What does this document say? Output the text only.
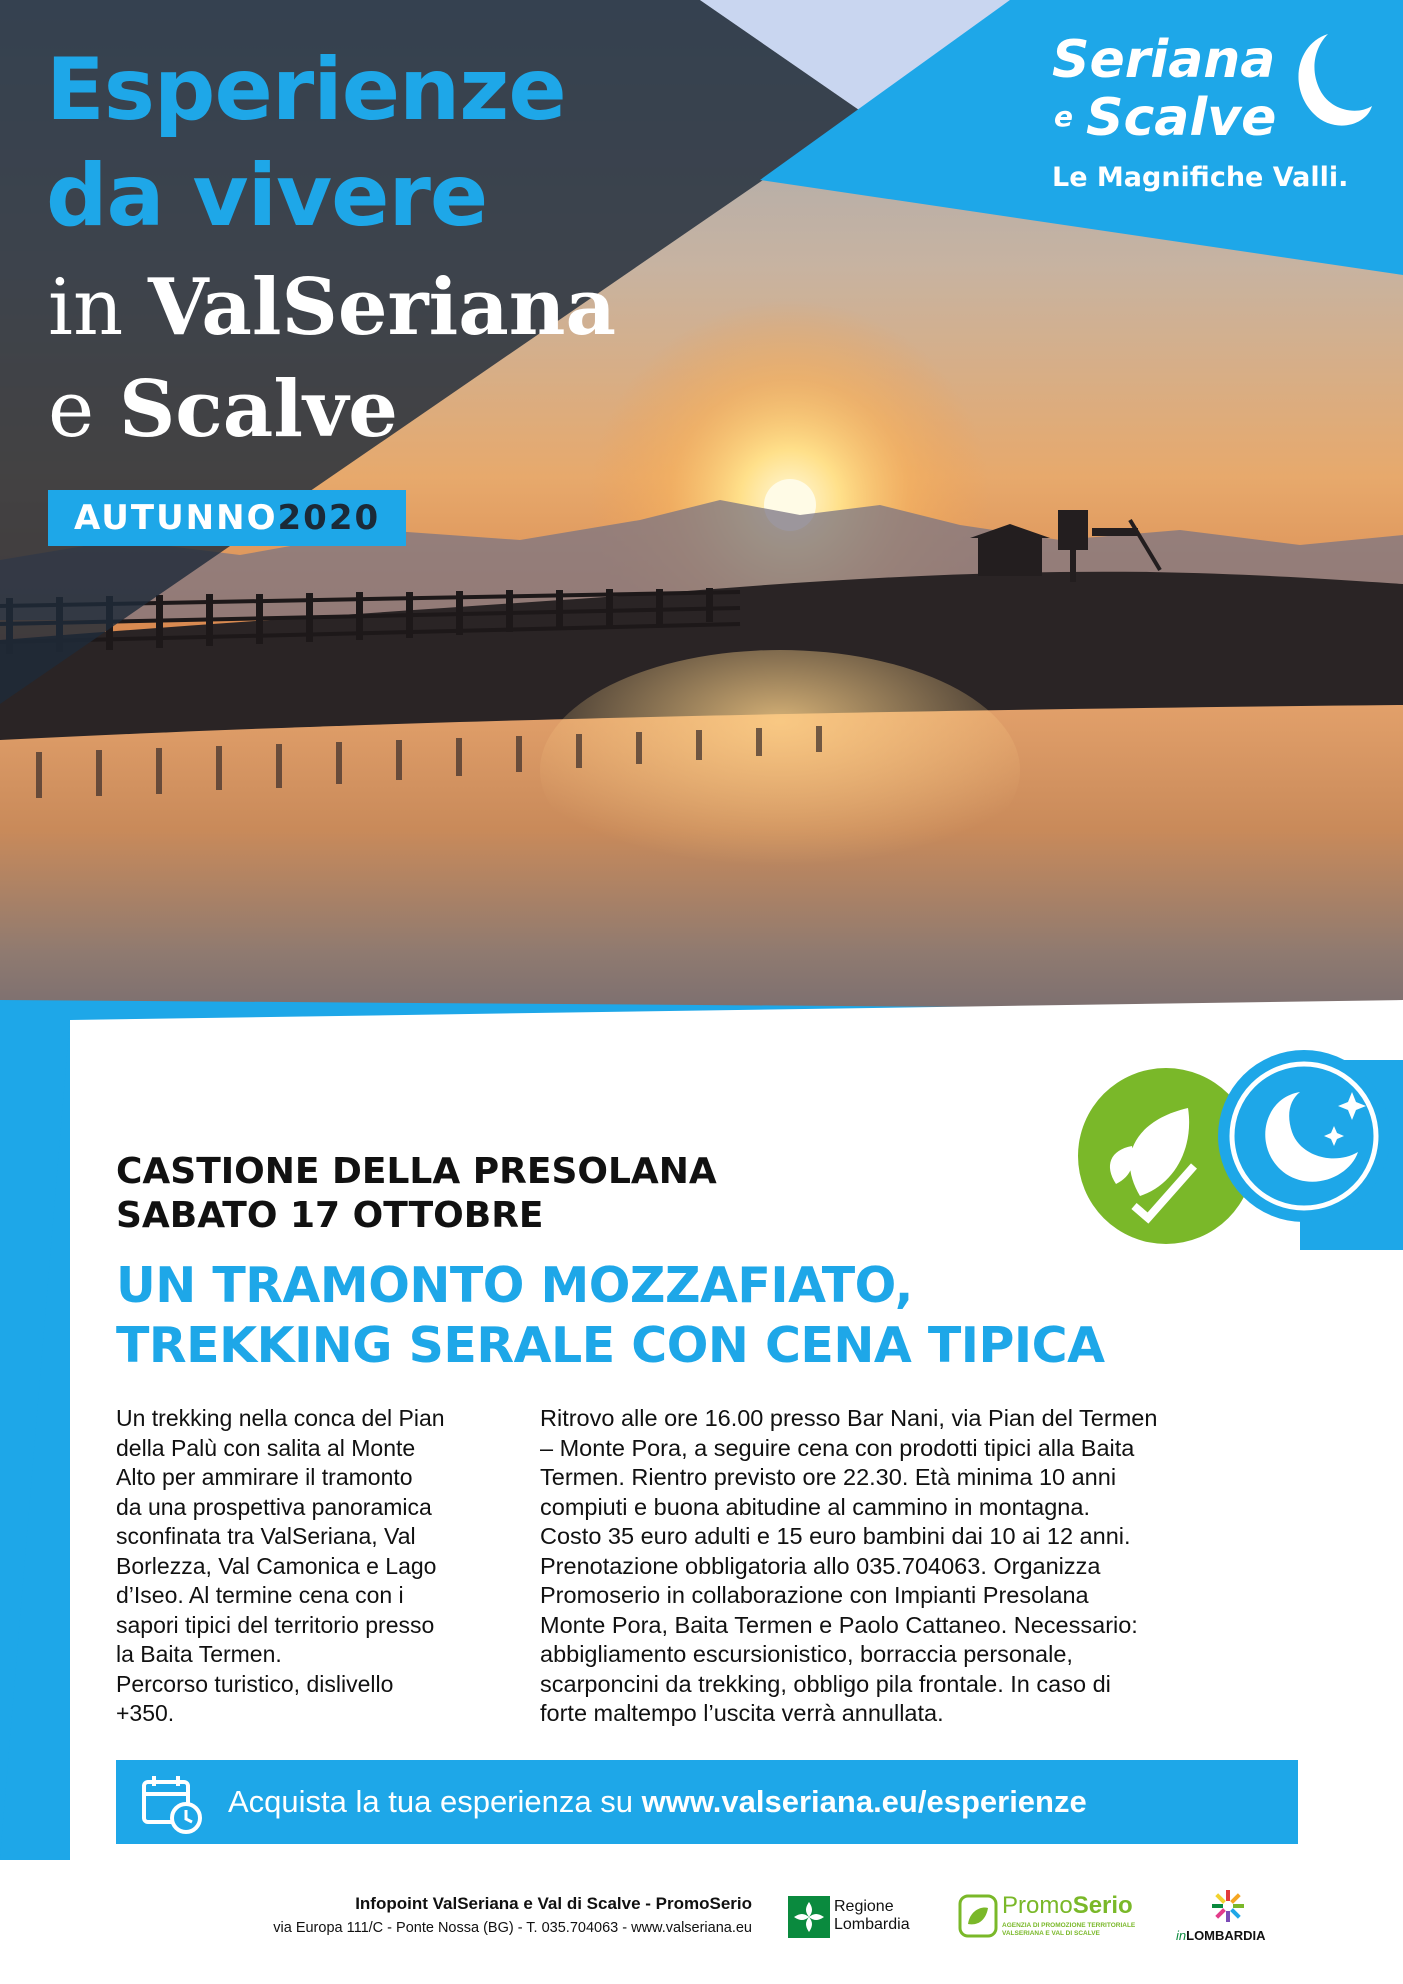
Esperienze
da vivere
in ValSeriana
e Scalve
AUTUNNO 2020
Seriana
e Scalve
Le Magnifiche Valli.
CASTIONE DELLA PRESOLANA
SABATO 17 OTTOBRE
UN TRAMONTO MOZZAFIATO,
TREKKING SERALE CON CENA TIPICA
Un trekking nella conca del Pian
della Palù con salita al Monte
Alto per ammirare il tramonto
da una prospettiva panoramica
sconfinata tra ValSeriana, Val
Borlezza, Val Camonica e Lago
d’Iseo. Al termine cena con i
sapori tipici del territorio presso
la Baita Termen.
Percorso turistico, dislivello
+350.
Ritrovo alle ore 16.00 presso Bar Nani, via Pian del Termen
– Monte Pora, a seguire cena con prodotti tipici alla Baita
Termen. Rientro previsto ore 22.30. Età minima 10 anni
compiuti e buona abitudine al cammino in montagna.
Costo 35 euro adulti e 15 euro bambini dai 10 ai 12 anni.
Prenotazione obbligatoria allo 035.704063. Organizza
Promoserio in collaborazione con Impianti Presolana
Monte Pora, Baita Termen e Paolo Cattaneo. Necessario:
abbigliamento escursionistico, borraccia personale,
scarponcini da trekking, obbligo pila frontale. In caso di
forte maltempo l’uscita verrà annullata.
Acquista la tua esperienza su www.valseriana.eu/esperienze
Infopoint ValSeriana e Val di Scalve - PromoSerio
via Europa 111/C - Ponte Nossa (BG) - T. 035.704063 - www.valseriana.eu
Regione
Lombardia
PromoSerio
AGENZIA DI PROMOZIONE TERRITORIALE
VALSERIANA E VAL DI SCALVE	inLOMBARDIA
